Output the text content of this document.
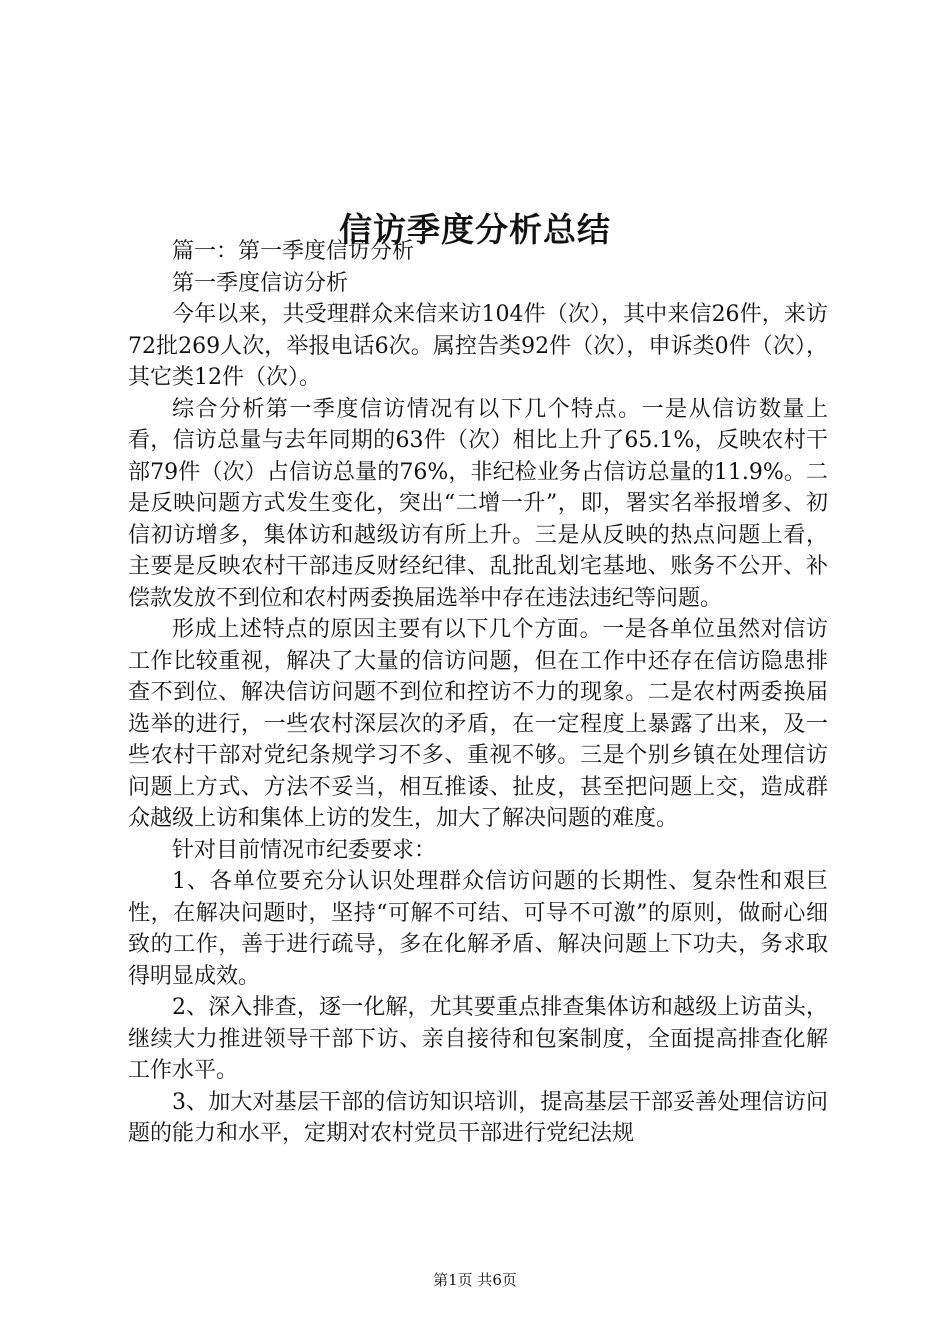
信访季度分析总结

篇一：第一季度信访分析

第一季度信访分析

今年以来，共受理群众来信来访104件（次），其中来信26件，来访72批269人次，举报电话6次。属控告类92件（次），申诉类0件（次），其它类12件（次）。

综合分析第一季度信访情况有以下几个特点。一是从信访数量上看，信访总量与去年同期的63件（次）相比上升了65.1%，反映农村干部79件（次）占信访总量的76%，非纪检业务占信访总量的11.9%。二是反映问题方式发生变化，突出“二增一升”，即，署实名举报增多、初信初访增多，集体访和越级访有所上升。三是从反映的热点问题上看，主要是反映农村干部违反财经纪律、乱批乱划宅基地、账务不公开、补偿款发放不到位和农村两委换届选举中存在违法违纪等问题。

形成上述特点的原因主要有以下几个方面。一是各单位虽然对信访工作比较重视，解决了大量的信访问题，但在工作中还存在信访隐患排查不到位、解决信访问题不到位和控访不力的现象。二是农村两委换届选举的进行，一些农村深层次的矛盾，在一定程度上暴露了出来，及一些农村干部对党纪条规学习不多、重视不够。三是个别乡镇在处理信访问题上方式、方法不妥当，相互推诿、扯皮，甚至把问题上交，造成群众越级上访和集体上访的发生，加大了解决问题的难度。

针对目前情况市纪委要求：

1、各单位要充分认识处理群众信访问题的长期性、复杂性和艰巨性，在解决问题时，坚持“可解不可结、可导不可激”的原则，做耐心细致的工作，善于进行疏导，多在化解矛盾、解决问题上下功夫，务求取得明显成效。

2、深入排查，逐一化解，尤其要重点排查集体访和越级上访苗头，继续大力推进领导干部下访、亲自接待和包案制度，全面提高排查化解工作水平。

3、加大对基层干部的信访知识培训，提高基层干部妥善处理信访问题的能力和水平，定期对农村党员干部进行党纪法规

第1页 共6页
